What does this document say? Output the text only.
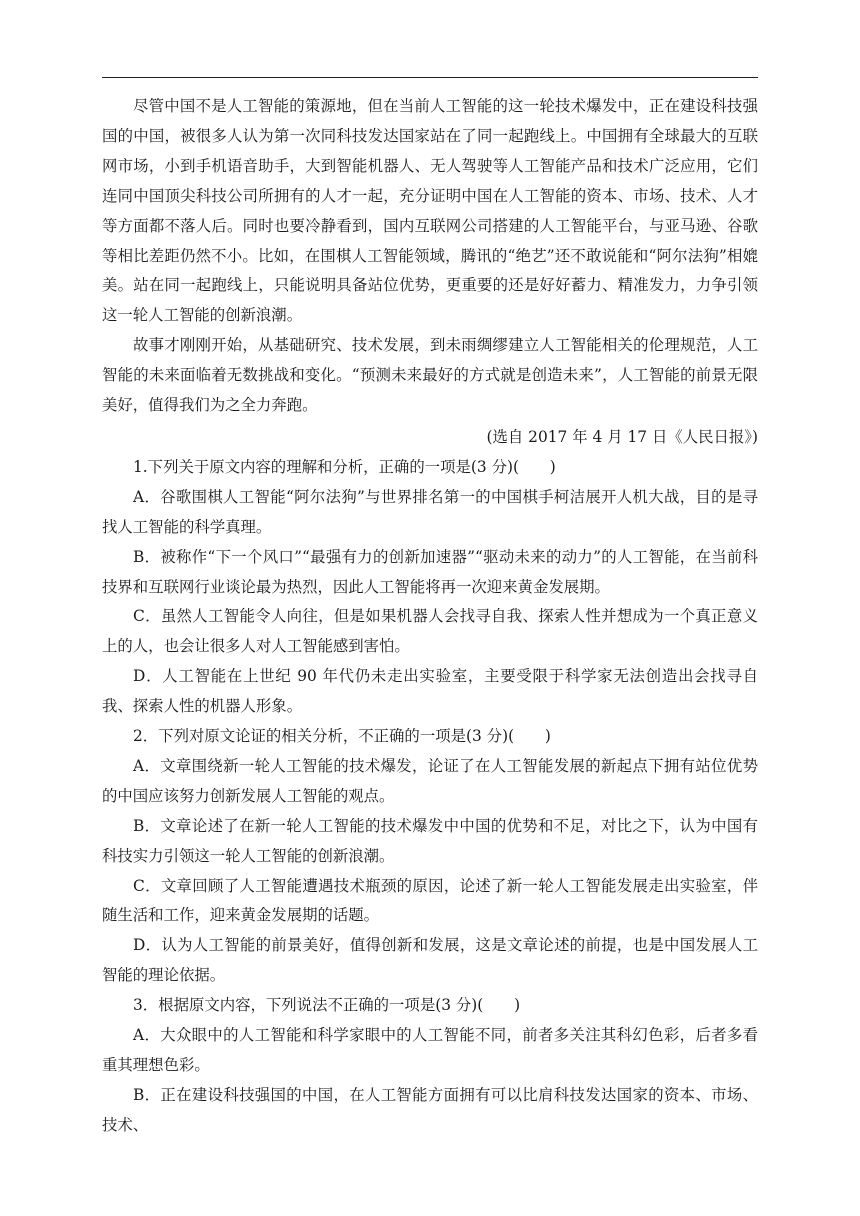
尽管中国不是人工智能的策源地，但在当前人工智能的这一轮技术爆发中，正在建设科技强国的中国，被很多人认为第一次同科技发达国家站在了同一起跑线上。中国拥有全球最大的互联网市场，小到手机语音助手，大到智能机器人、无人驾驶等人工智能产品和技术广泛应用，它们连同中国顶尖科技公司所拥有的人才一起，充分证明中国在人工智能的资本、市场、技术、人才等方面都不落人后。同时也要冷静看到，国内互联网公司搭建的人工智能平台，与亚马逊、谷歌等相比差距仍然不小。比如，在围棋人工智能领域，腾讯的“绝艺”还不敢说能和“阿尔法狗”相媲美。站在同一起跑线上，只能说明具备站位优势，更重要的还是好好蓄力、精准发力，力争引领这一轮人工智能的创新浪潮。

故事才刚刚开始，从基础研究、技术发展，到未雨绸缪建立人工智能相关的伦理规范，人工智能的未来面临着无数挑战和变化。“预测未来最好的方式就是创造未来”，人工智能的前景无限美好，值得我们为之全力奔跑。

(选自 2017 年 4 月 17 日《人民日报》)

1.下列关于原文内容的理解和分析，正确的一项是(3 分)(　　)

A．谷歌围棋人工智能“阿尔法狗”与世界排名第一的中国棋手柯洁展开人机大战，目的是寻找人工智能的科学真理。

B．被称作“下一个风口”“最强有力的创新加速器”“驱动未来的动力”的人工智能，在当前科技界和互联网行业谈论最为热烈，因此人工智能将再一次迎来黄金发展期。

C．虽然人工智能令人向往，但是如果机器人会找寻自我、探索人性并想成为一个真正意义上的人，也会让很多人对人工智能感到害怕。

D．人工智能在上世纪 90 年代仍未走出实验室，主要受限于科学家无法创造出会找寻自我、探索人性的机器人形象。

2．下列对原文论证的相关分析，不正确的一项是(3 分)(　　)

A．文章围绕新一轮人工智能的技术爆发，论证了在人工智能发展的新起点下拥有站位优势的中国应该努力创新发展人工智能的观点。

B．文章论述了在新一轮人工智能的技术爆发中中国的优势和不足，对比之下，认为中国有科技实力引领这一轮人工智能的创新浪潮。

C．文章回顾了人工智能遭遇技术瓶颈的原因，论述了新一轮人工智能发展走出实验室，伴随生活和工作，迎来黄金发展期的话题。

D．认为人工智能的前景美好，值得创新和发展，这是文章论述的前提，也是中国发展人工智能的理论依据。

3．根据原文内容，下列说法不正确的一项是(3 分)(　　)

A．大众眼中的人工智能和科学家眼中的人工智能不同，前者多关注其科幻色彩，后者多看重其理想色彩。

B．正在建设科技强国的中国，在人工智能方面拥有可以比肩科技发达国家的资本、市场、技术、
